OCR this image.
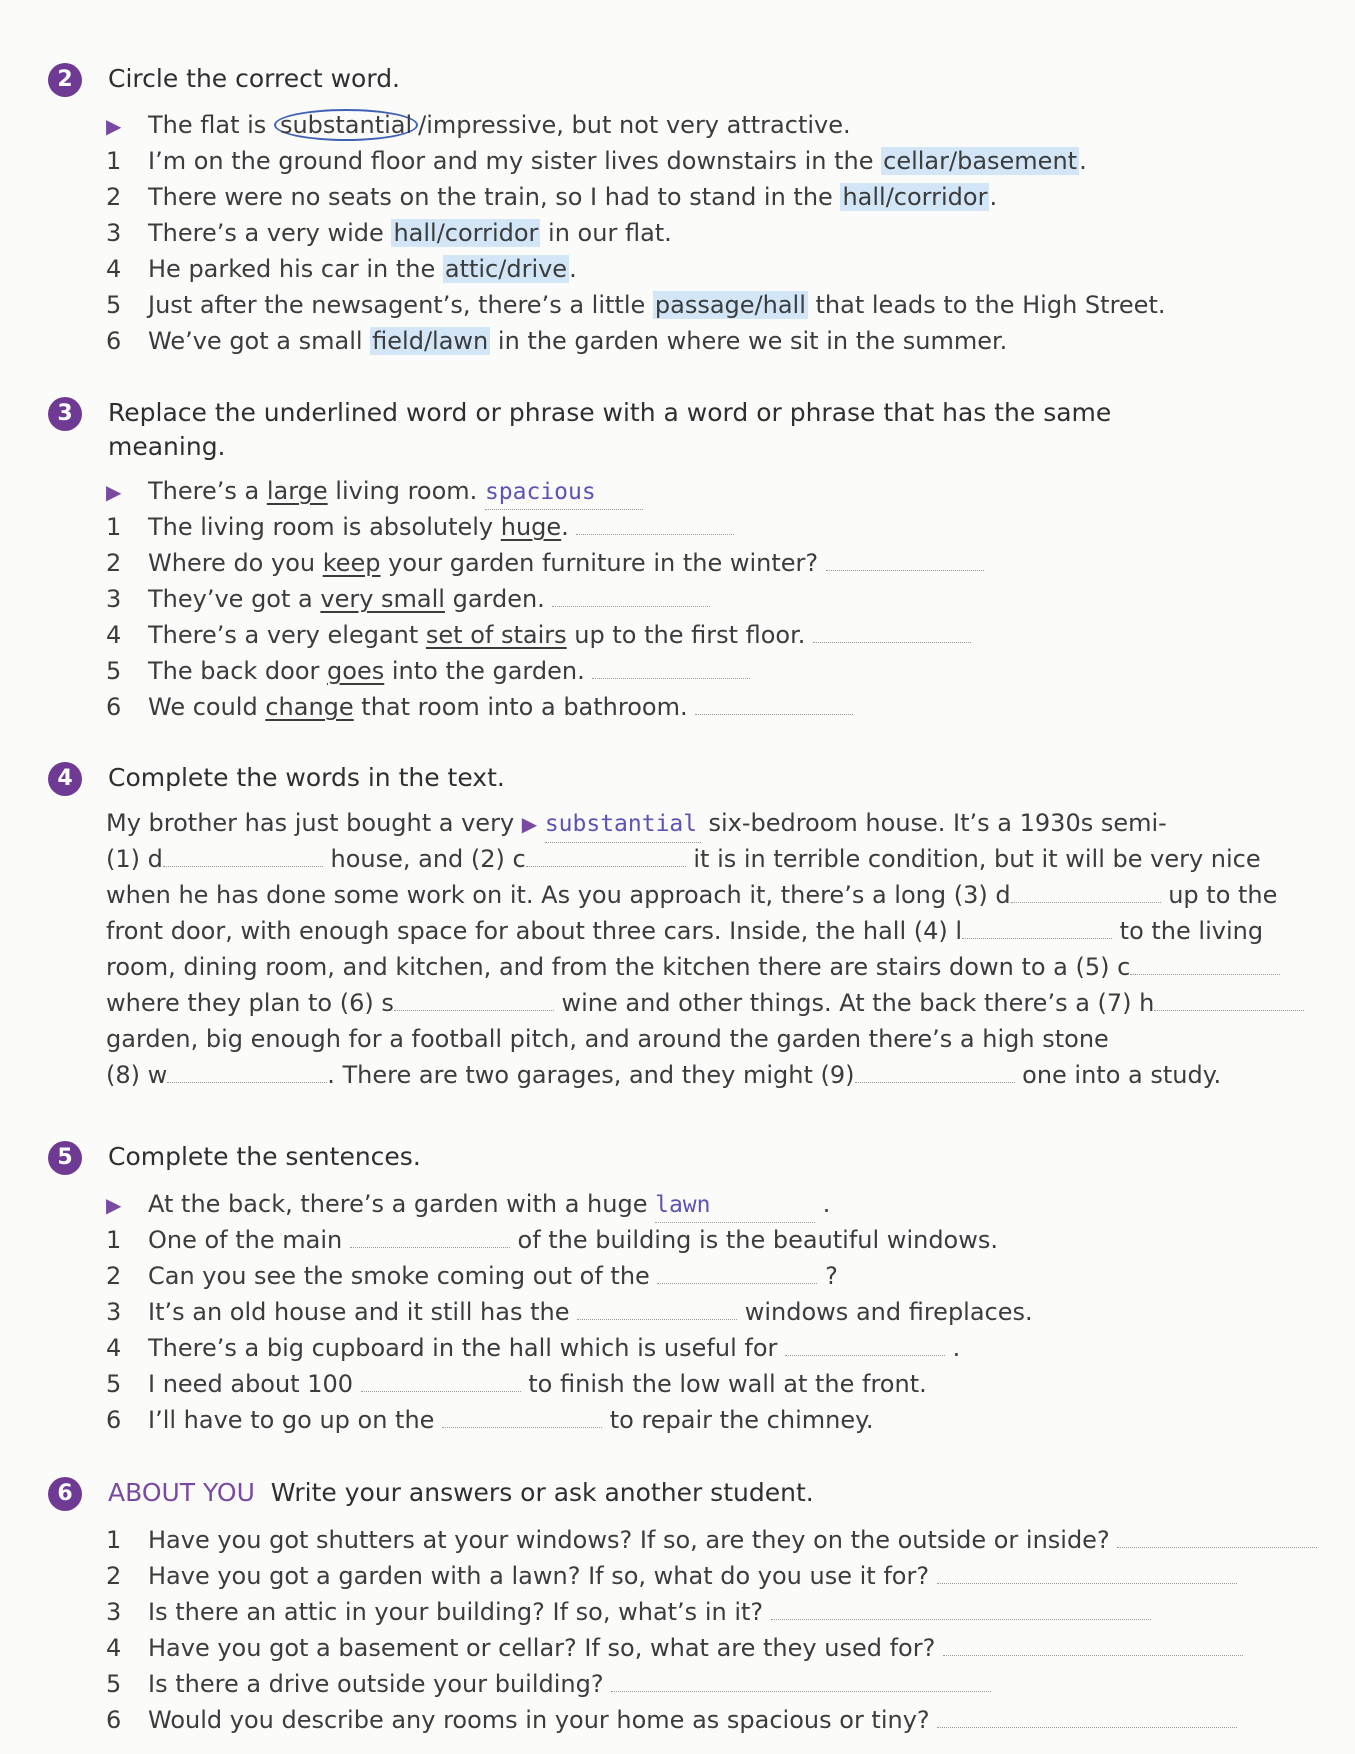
2	Circle the correct word.
▶ The flat is substantial /impressive, but not very attractive.
1 I’m on the ground floor and my sister lives downstairs in the cellar/basement.
2 There were no seats on the train, so I had to stand in the hall/corridor.
3 There’s a very wide hall/corridor in our flat.
4 He parked his car in the attic/drive.
5 Just after the newsagent’s, there’s a little passage/hall that leads to the High Street.
6 We’ve got a small field/lawn in the garden where we sit in the summer.
3	Replace the underlined word or phrase with a word or phrase that has the same
meaning.
▶ There’s a large living room. spacious
1 The living room is absolutely huge.
2 Where do you keep your garden furniture in the winter?
3 They’ve got a very small garden.
4 There’s a very elegant set of stairs up to the first floor.
5 The back door goes into the garden.
6 We could change that room into a bathroom.
4	Complete the words in the text.
My brother has just bought a very ▶ substantial six-bedroom house. It’s a 1930s semi-
(1) d	house, and (2) c	it is in terrible condition, but it will be very nice
when he has done some work on it. As you approach it, there’s a long (3) d	up to the
front door, with enough space for about three cars. Inside, the hall (4) l	to the living
room, dining room, and kitchen, and from the kitchen there are stairs down to a (5) c
where they plan to (6) s	wine and other things. At the back there’s a (7) h
garden, big enough for a football pitch, and around the garden there’s a high stone
(8) w	. There are two garages, and they might (9)	one into a study.
5	Complete the sentences.
▶ At the back, there’s a garden with a huge lawn	.
1 One of the main	of the building is the beautiful windows.
2 Can you see the smoke coming out of the	?
3 It’s an old house and it still has the	windows and fireplaces.
4 There’s a big cupboard in the hall which is useful for	.
5 I need about 100	to finish the low wall at the front.
6 I’ll have to go up on the	to repair the chimney.
6	ABOUT YOU Write your answers or ask another student.
1 Have you got shutters at your windows? If so, are they on the outside or inside?
2 Have you got a garden with a lawn? If so, what do you use it for?
3 Is there an attic in your building? If so, what’s in it?
4 Have you got a basement or cellar? If so, what are they used for?
5 Is there a drive outside your building?
6 Would you describe any rooms in your home as spacious or tiny?
